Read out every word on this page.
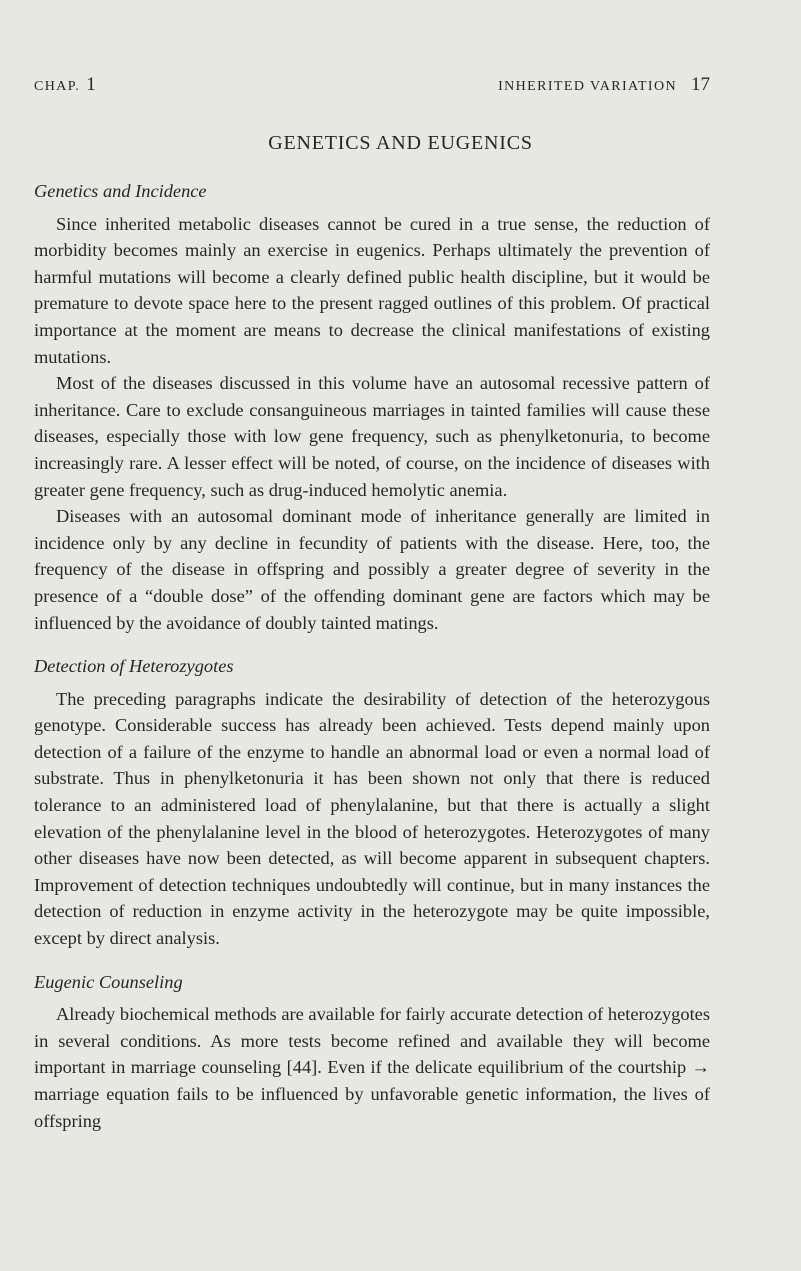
CHAP. 1	INHERITED VARIATION 17
GENETICS AND EUGENICS
Genetics and Incidence

Since inherited metabolic diseases cannot be cured in a true sense, the reduction of morbidity becomes mainly an exercise in eugenics. Perhaps ultimately the prevention of harmful mutations will become a clearly defined public health discipline, but it would be premature to devote space here to the present ragged outlines of this problem. Of practical importance at the moment are means to decrease the clinical manifestations of existing mutations.

Most of the diseases discussed in this volume have an autosomal recessive pattern of inheritance. Care to exclude consanguineous marriages in tainted families will cause these diseases, especially those with low gene frequency, such as phenylketonuria, to become increasingly rare. A lesser effect will be noted, of course, on the incidence of diseases with greater gene frequency, such as drug-induced hemolytic anemia.

Diseases with an autosomal dominant mode of inheritance generally are limited in incidence only by any decline in fecundity of patients with the disease. Here, too, the frequency of the disease in offspring and possibly a greater degree of severity in the presence of a “double dose” of the offending dominant gene are factors which may be influenced by the avoidance of doubly tainted matings.

Detection of Heterozygotes

The preceding paragraphs indicate the desirability of detection of the heterozygous genotype. Considerable success has already been achieved. Tests depend mainly upon detection of a failure of the enzyme to handle an abnormal load or even a normal load of substrate. Thus in phenylketonuria it has been shown not only that there is reduced tolerance to an administered load of phenylalanine, but that there is actually a slight elevation of the phenylalanine level in the blood of heterozygotes. Heterozygotes of many other diseases have now been detected, as will become apparent in subsequent chapters. Improvement of detection techniques undoubtedly will continue, but in many instances the detection of reduction in enzyme activity in the heterozygote may be quite impossible, except by direct analysis.

Eugenic Counseling

Already biochemical methods are available for fairly accurate detection of heterozygotes in several conditions. As more tests become refined and available they will become important in marriage counseling [44]. Even if the delicate equilibrium of the courtship → marriage equation fails to be influenced by unfavorable genetic information, the lives of offspring
